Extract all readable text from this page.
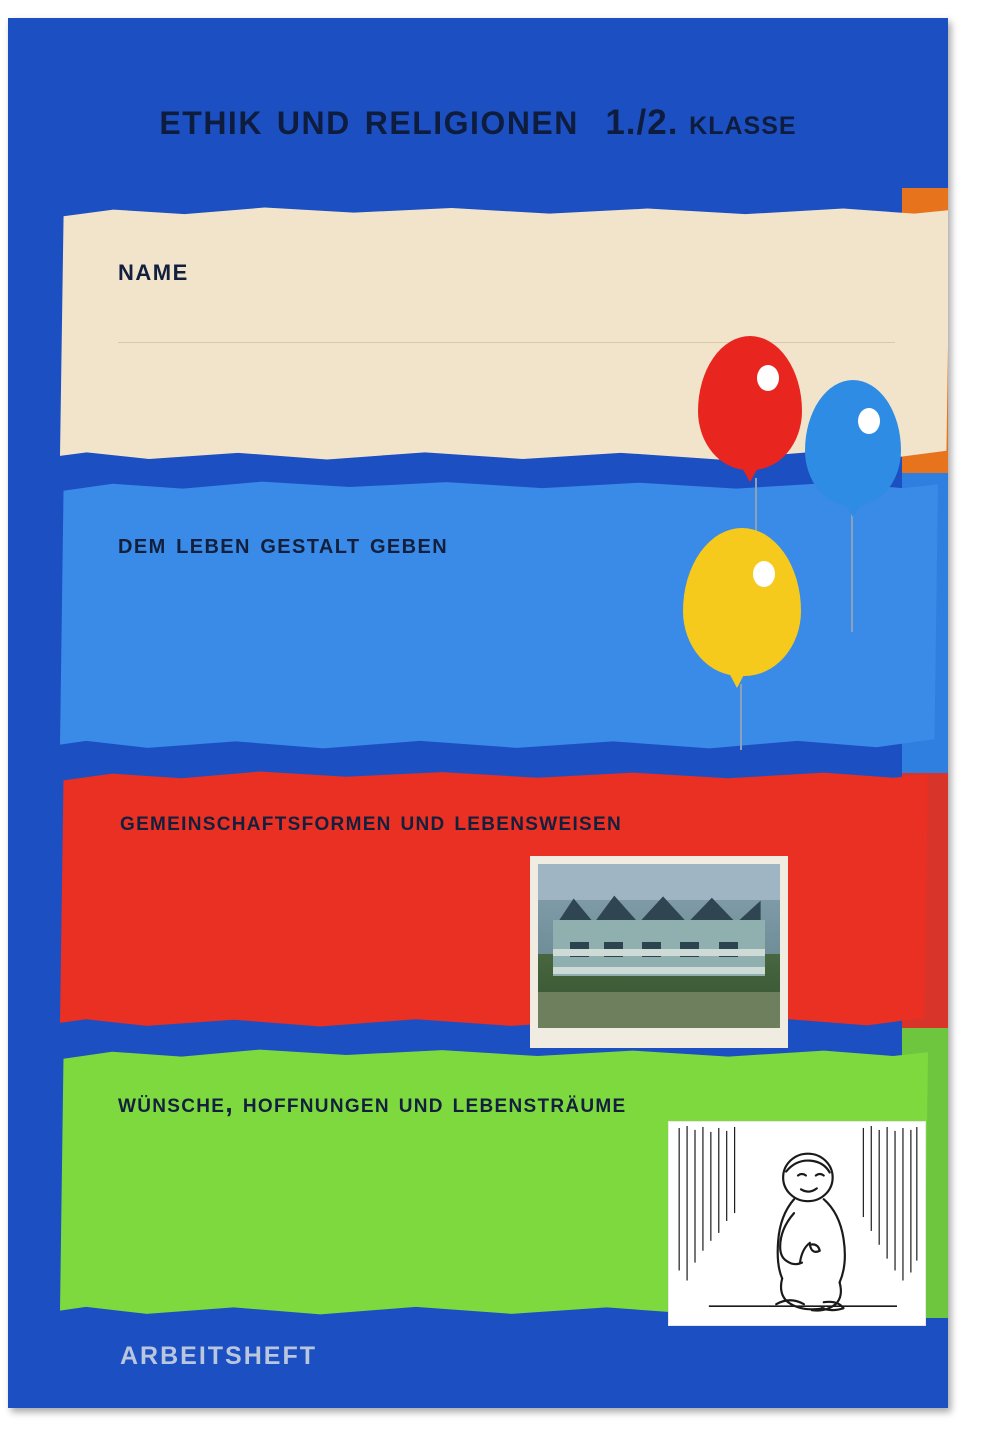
ethik und religionen 1./2. klasse
name
dem leben gestalt geben
gemeinschaftsformen und lebensweisen
wünsche, hoffnungen und lebensträume
arbeitsheft
